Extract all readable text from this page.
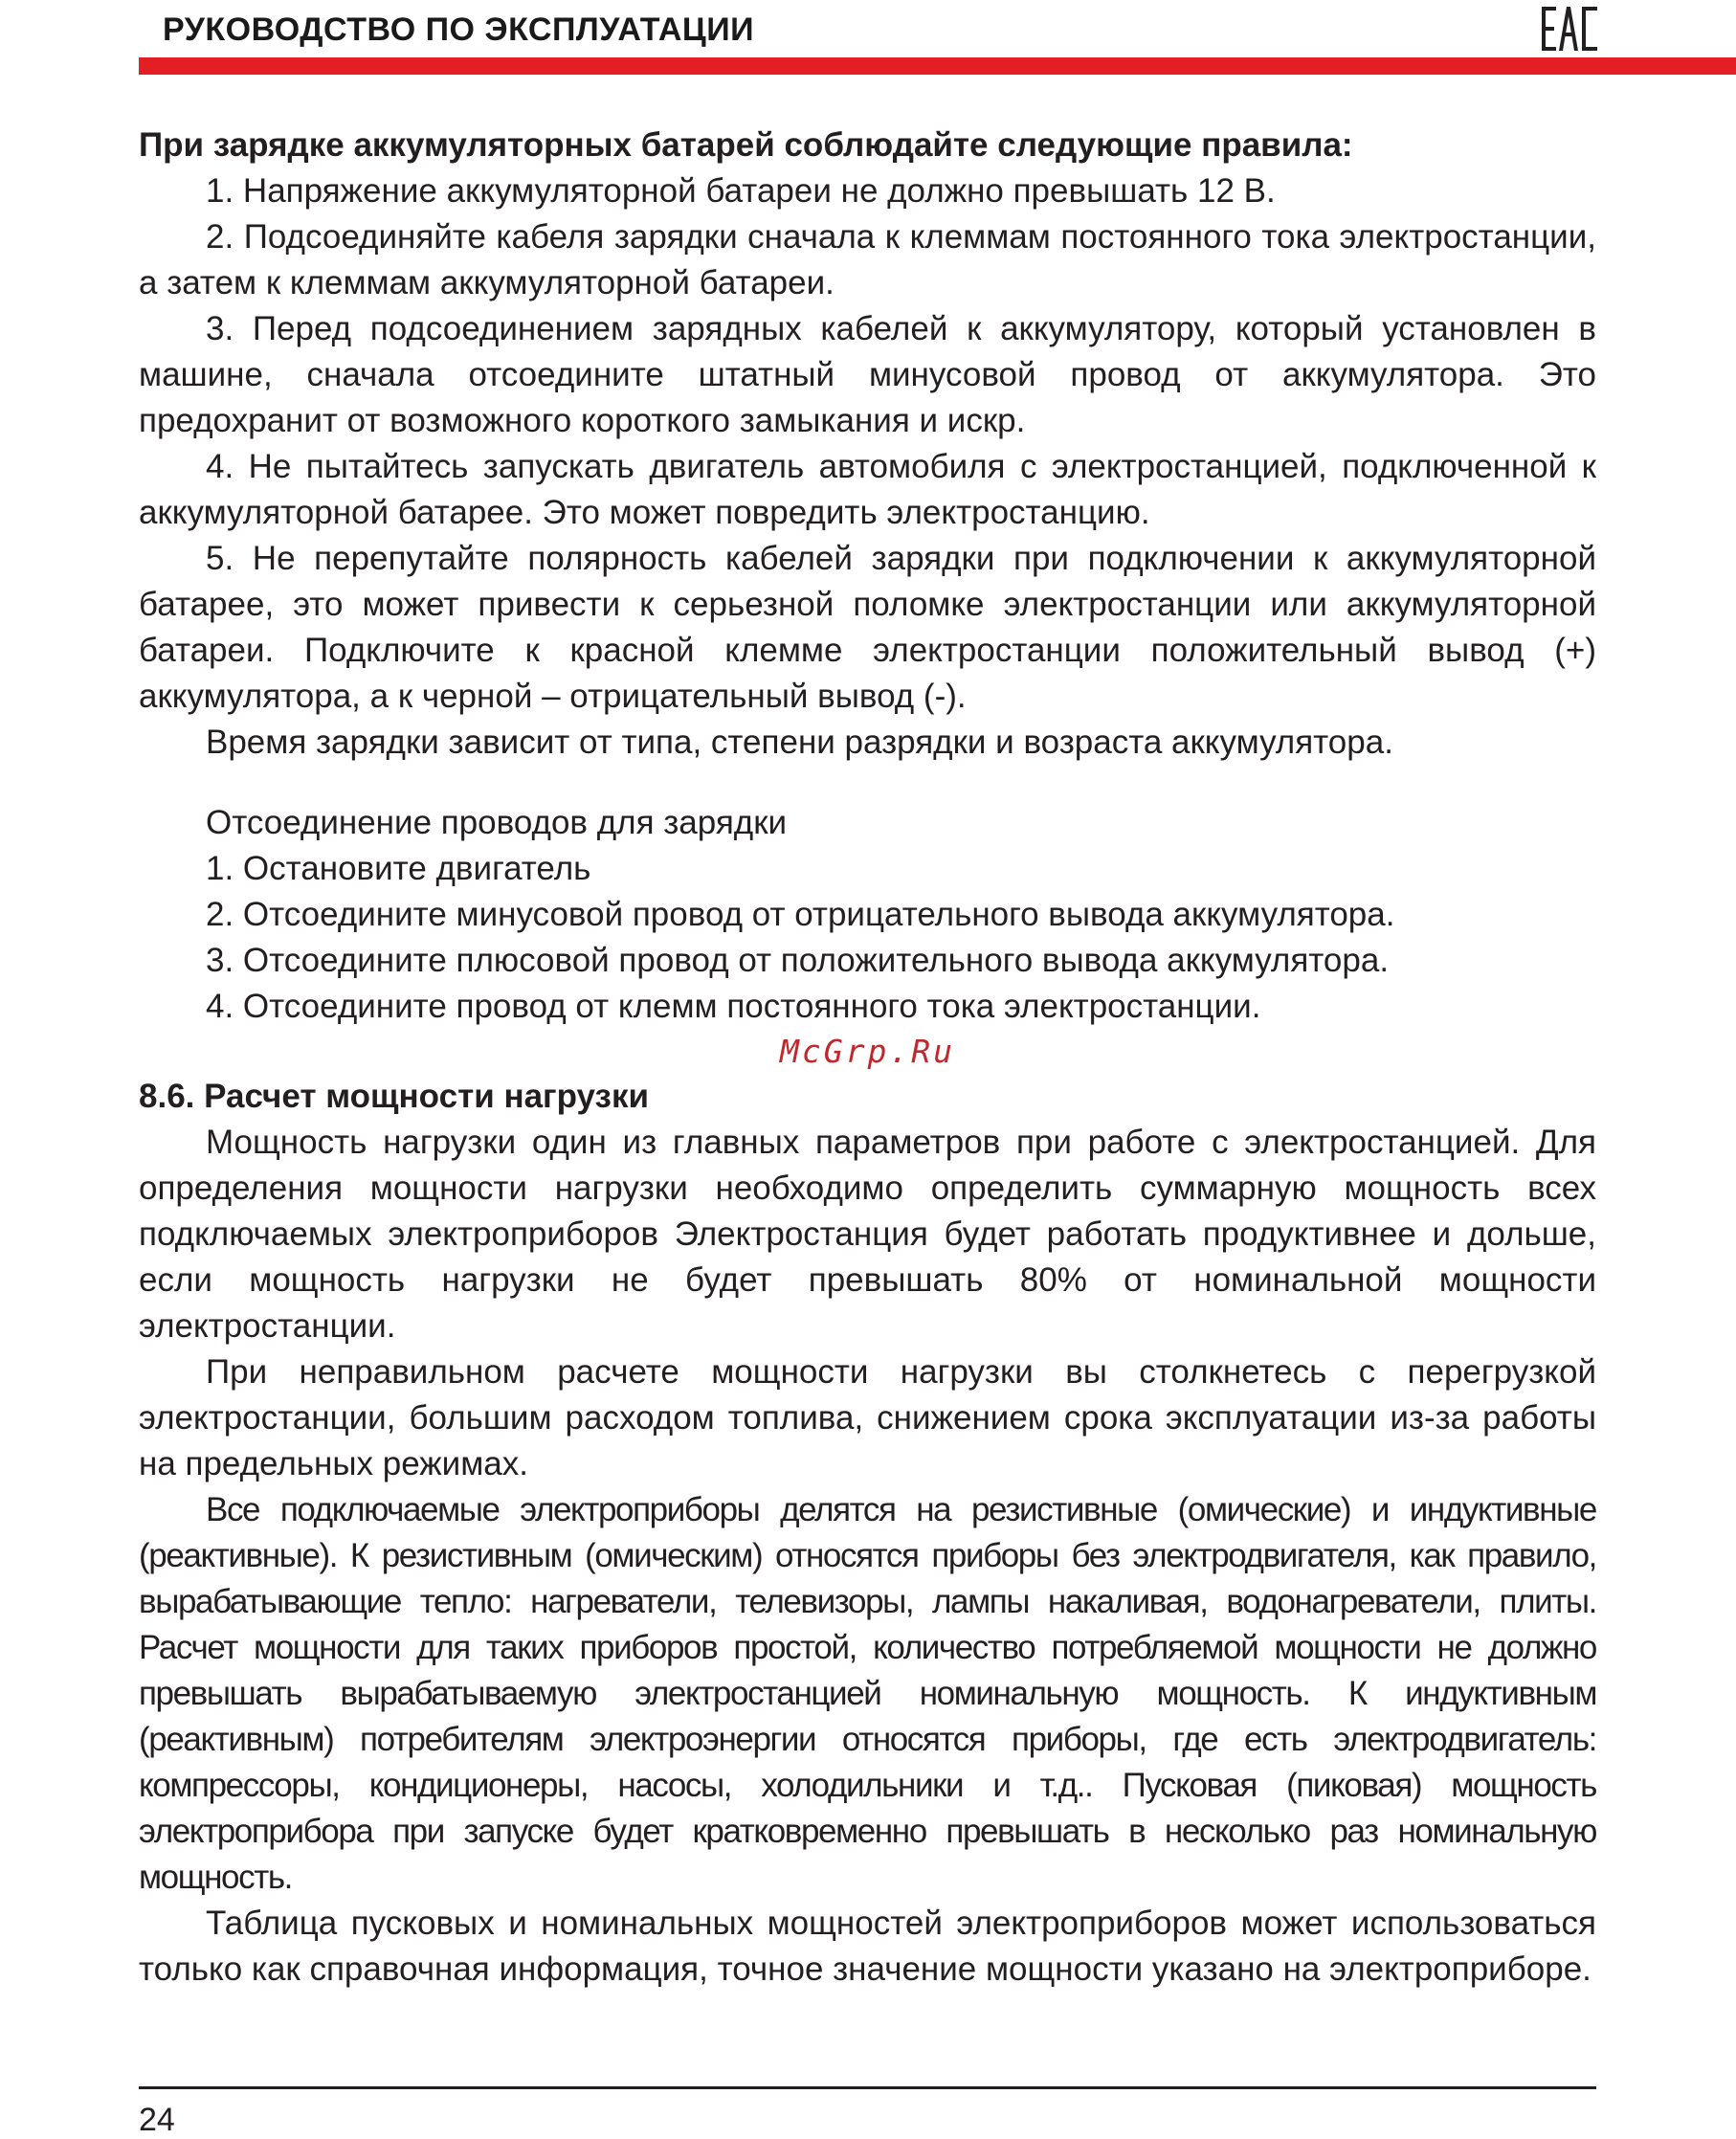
РУКОВОДСТВО ПО ЭКСПЛУАТАЦИИ

При зарядке аккумуляторных батарей соблюдайте следующие правила:

1. Напряжение аккумуляторной батареи не должно превышать 12 В.

2. Подсоединяйте кабеля зарядки сначала к клеммам постоянного тока электростанции, а затем к клеммам аккумуляторной батареи.

3. Перед подсоединением зарядных кабелей к аккумулятору, который установлен в машине, сначала отсоедините штатный минусовой провод от аккумулятора. Это предохранит от возможного короткого замыкания и искр.

4. Не пытайтесь запускать двигатель автомобиля с электростанцией, подключенной к аккумуляторной батарее. Это может повредить электростанцию.

5. Не перепутайте полярность кабелей зарядки при подключении к аккумуляторной батарее, это может привести к серьезной поломке электростанции или аккумуляторной батареи. Подключите к красной клемме электростанции положительный вывод (+) аккумулятора, а к черной – отрицательный вывод (-).

Время зарядки зависит от типа, степени разрядки и возраста аккумулятора.

Отсоединение проводов для зарядки

1. Остановите двигатель

2. Отсоедините минусовой провод от отрицательного вывода аккумулятора.

3. Отсоедините плюсовой провод от положительного вывода аккумулятора.

4. Отсоедините провод от клемм постоянного тока электростанции.

McGrp.Ru

8.6. Расчет мощности нагрузки

Мощность нагрузки один из главных параметров при работе с электростанцией. Для определения мощности нагрузки необходимо определить суммарную мощность всех подключаемых электроприборов Электростанция будет работать продуктивнее и дольше, если мощность нагрузки не будет превышать 80% от номинальной мощности электростанции.

При неправильном расчете мощности нагрузки вы столкнетесь с перегрузкой электростанции, большим расходом топлива, снижением срока эксплуатации из-за работы на предельных режимах.

Все подключаемые электроприборы делятся на резистивные (омические) и индуктивные (реактивные). К резистивным (омическим) относятся приборы без электродвигателя, как правило, вырабатывающие тепло: нагреватели, телевизоры, лампы накаливая, водонагреватели, плиты. Расчет мощности для таких приборов простой, количество потребляемой мощности не должно превышать вырабатываемую электростанцией номинальную мощность. К индуктивным (реактивным) потребителям электроэнергии относятся приборы, где есть электродвигатель: компрессоры, кондиционеры, насосы, холодильники и т.д.. Пусковая (пиковая) мощность электроприбора при запуске будет кратковременно превышать в несколько раз номинальную мощность.

Таблица пусковых и номинальных мощностей электроприборов может использоваться только как справочная информация, точное значение мощности указано на электроприборе.

24
